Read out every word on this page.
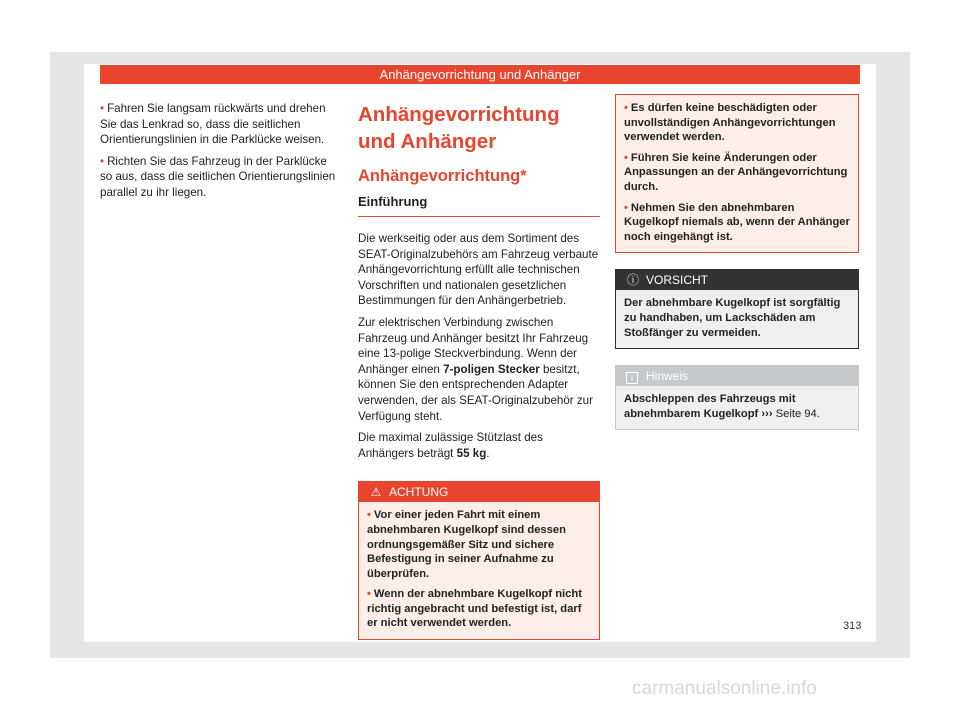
Anhängevorrichtung und Anhänger
• Fahren Sie langsam rückwärts und drehen Sie das Lenkrad so, dass die seitlichen Orientierungslinien in die Parklücke weisen.
• Richten Sie das Fahrzeug in der Parklücke so aus, dass die seitlichen Orientierungslinien parallel zu ihr liegen.
Anhängevorrichtung und Anhänger
Anhängevorrichtung*
Einführung

Die werkseitig oder aus dem Sortiment des SEAT-Originalzubehörs am Fahrzeug verbaute Anhängevorrichtung erfüllt alle technischen Vorschriften und nationalen gesetzlichen Bestimmungen für den Anhängerbetrieb.

Zur elektrischen Verbindung zwischen Fahrzeug und Anhänger besitzt Ihr Fahrzeug eine 13-polige Steckverbindung. Wenn der Anhänger einen 7-poligen Stecker besitzt, können Sie den entsprechenden Adapter verwenden, der als SEAT-Originalzubehör zur Verfügung steht.

Die maximal zulässige Stützlast des Anhängers beträgt 55 kg.

⚠ ACHTUNG
• Vor einer jeden Fahrt mit einem abnehmbaren Kugelkopf sind dessen ordnungsgemäßer Sitz und sichere Befestigung in seiner Aufnahme zu überprüfen.
• Wenn der abnehmbare Kugelkopf nicht richtig angebracht und befestigt ist, darf er nicht verwendet werden.
• Es dürfen keine beschädigten oder unvollständigen Anhängevorrichtungen verwendet werden.
• Führen Sie keine Änderungen oder Anpassungen an der Anhängevorrichtung durch.
• Nehmen Sie den abnehmbaren Kugelkopf niemals ab, wenn der Anhänger noch eingehängt ist.
ⓘ VORSICHT
Der abnehmbare Kugelkopf ist sorgfältig zu handhaben, um Lackschäden am Stoßfänger zu vermeiden.
i Hinweis
Abschleppen des Fahrzeugs mit abnehmbarem Kugelkopf ››› Seite 94.
313
carmanualsonline.info
